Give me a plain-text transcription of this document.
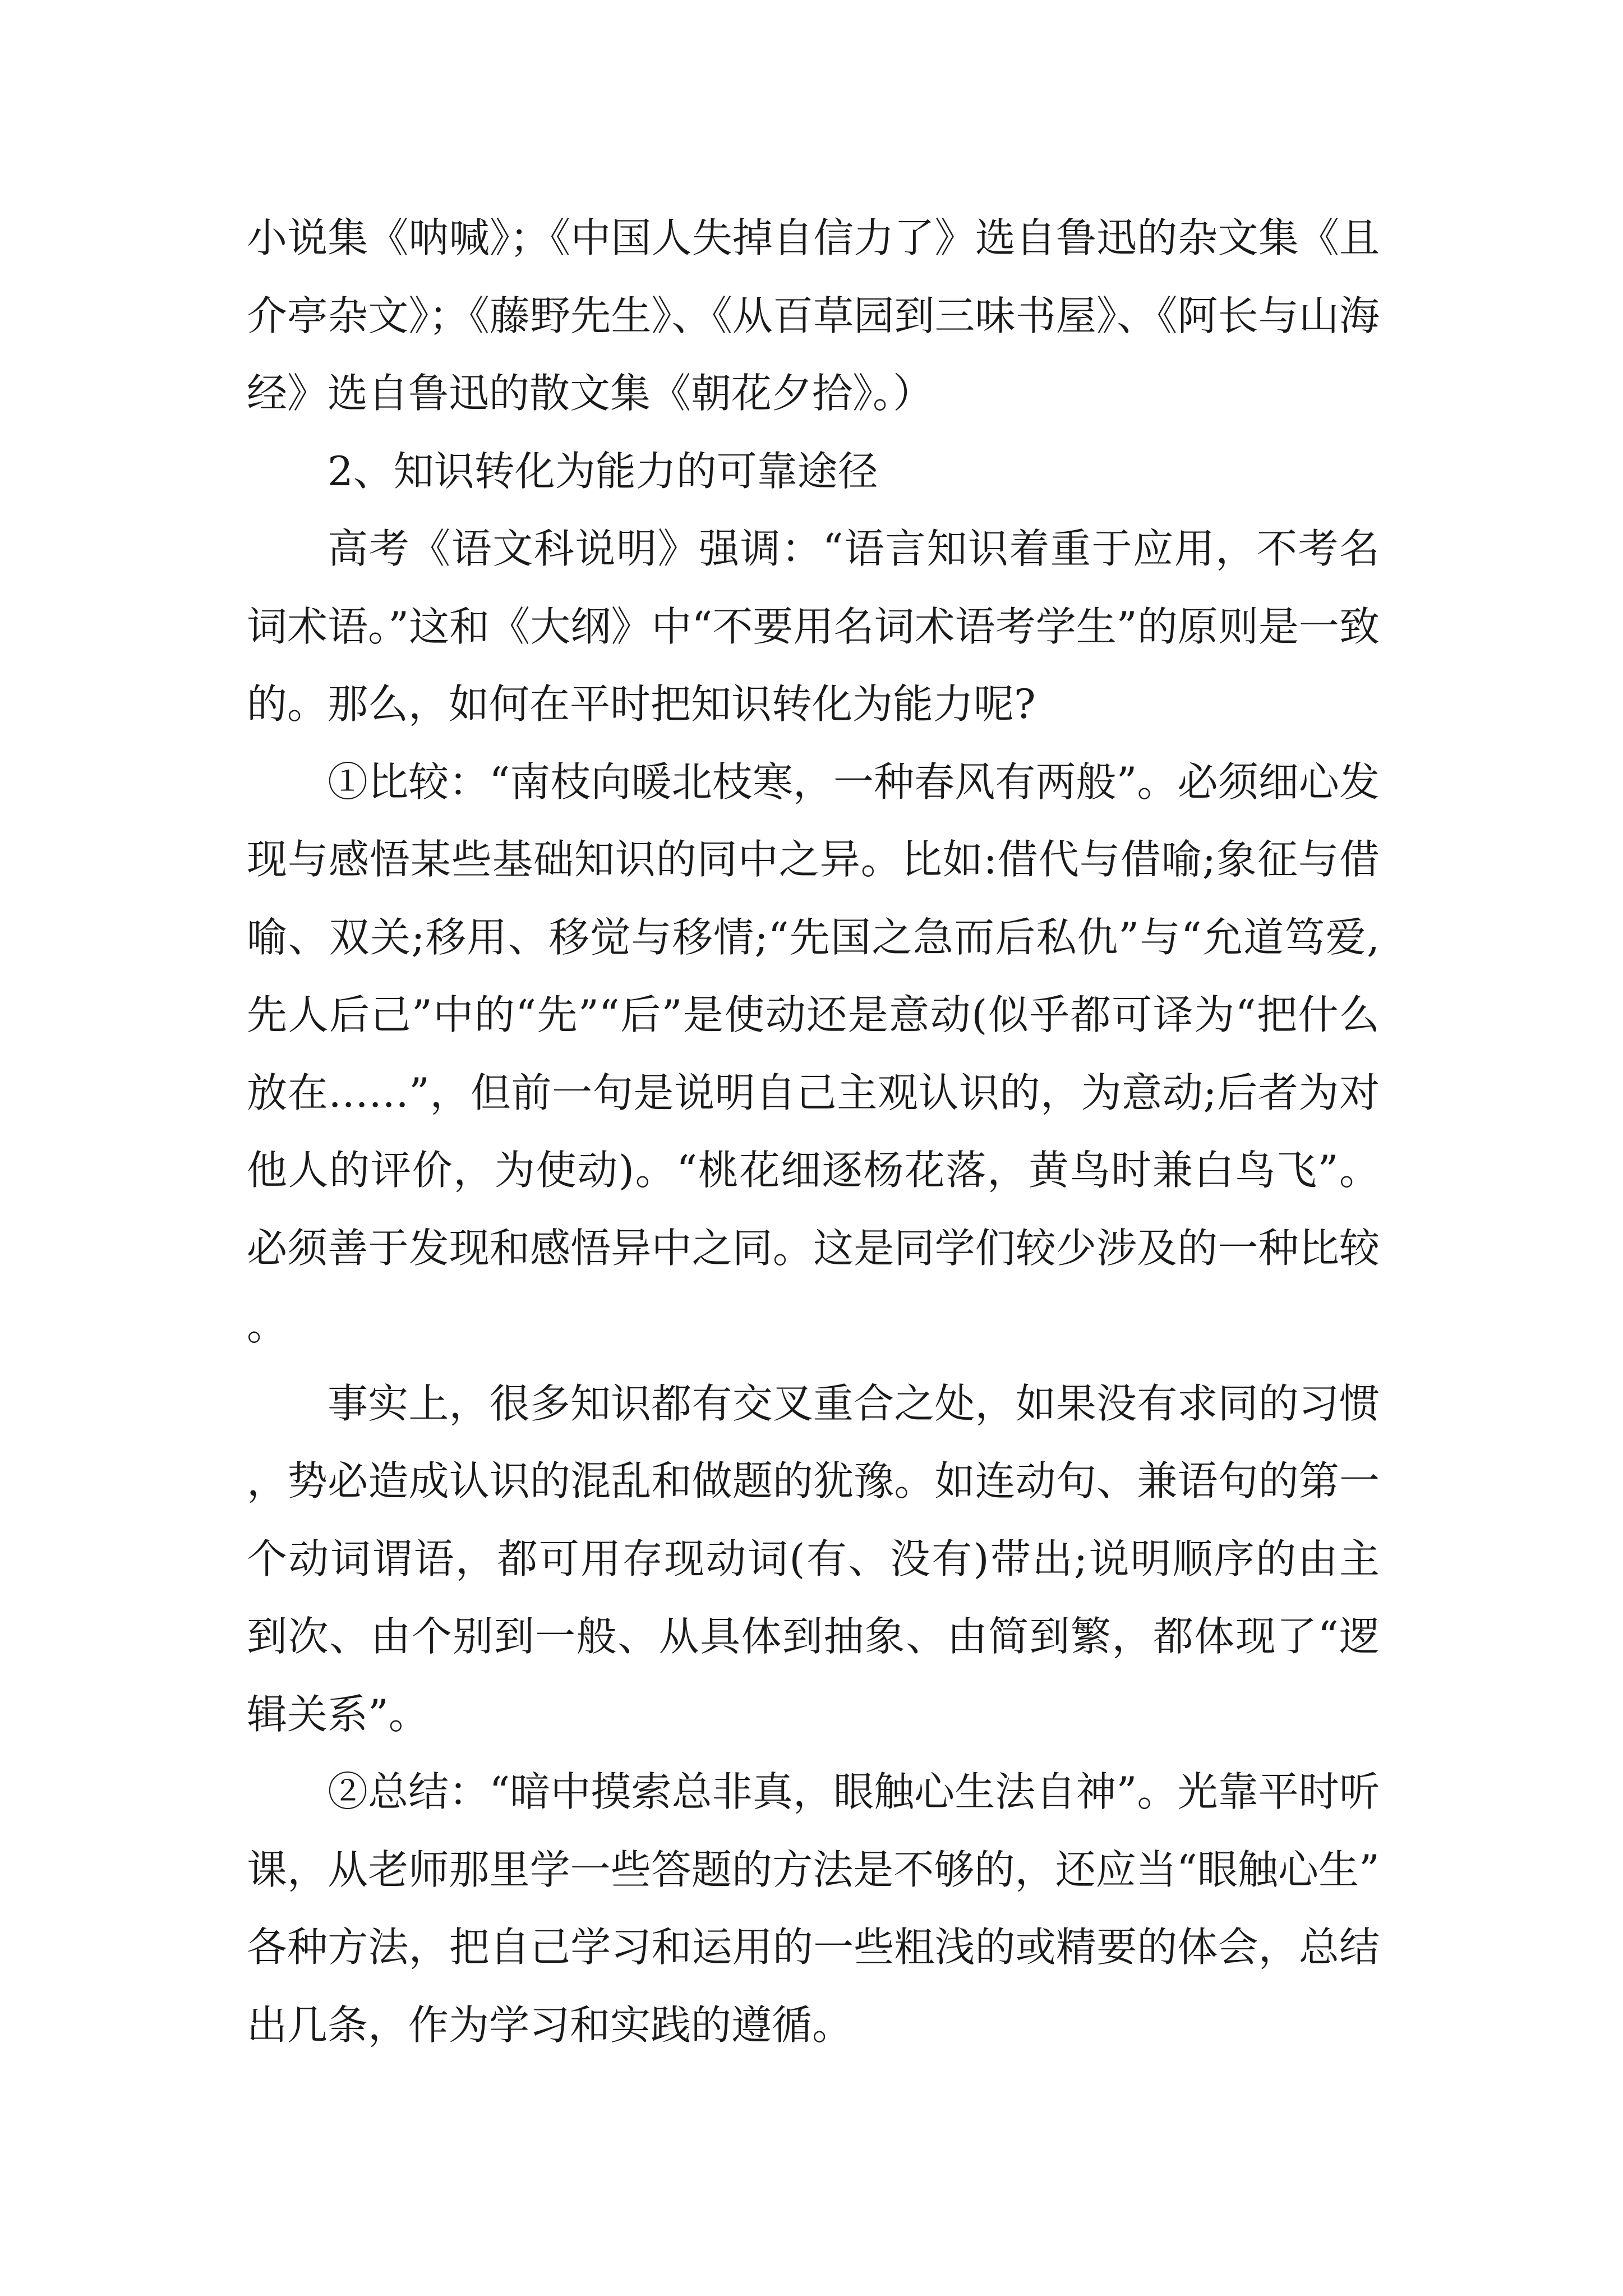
小说集《呐喊》；《中国人失掉自信力了》选自鲁迅的杂文集《且介亭杂文》；《藤野先生》、《从百草园到三味书屋》、《阿长与山海经》选自鲁迅的散文集《朝花夕拾》。）

2、知识转化为能力的可靠途径

高考《语文科说明》强调：“语言知识着重于应用，不考名词术语。”这和《大纲》中“不要用名词术语考学生”的原则是一致的。那么，如何在平时把知识转化为能力呢?

①比较：“南枝向暖北枝寒，一种春风有两般”。必须细心发现与感悟某些基础知识的同中之异。比如:借代与借喻;象征与借喻、双关;移用、移觉与移情;“先国之急而后私仇”与“允道笃爱,先人后己”中的“先”“后”是使动还是意动(似乎都可译为“把什么放在……”，但前一句是说明自己主观认识的，为意动;后者为对他人的评价，为使动)。“桃花细逐杨花落，黄鸟时兼白鸟飞”。必须善于发现和感悟异中之同。这是同学们较少涉及的一种比较。

事实上，很多知识都有交叉重合之处，如果没有求同的习惯，势必造成认识的混乱和做题的犹豫。如连动句、兼语句的第一个动词谓语，都可用存现动词(有、没有)带出;说明顺序的由主到次、由个别到一般、从具体到抽象、由简到繁，都体现了“逻辑关系”。

②总结：“暗中摸索总非真，眼触心生法自神”。光靠平时听课，从老师那里学一些答题的方法是不够的，还应当“眼触心生”各种方法，把自己学习和运用的一些粗浅的或精要的体会，总结出几条，作为学习和实践的遵循。
